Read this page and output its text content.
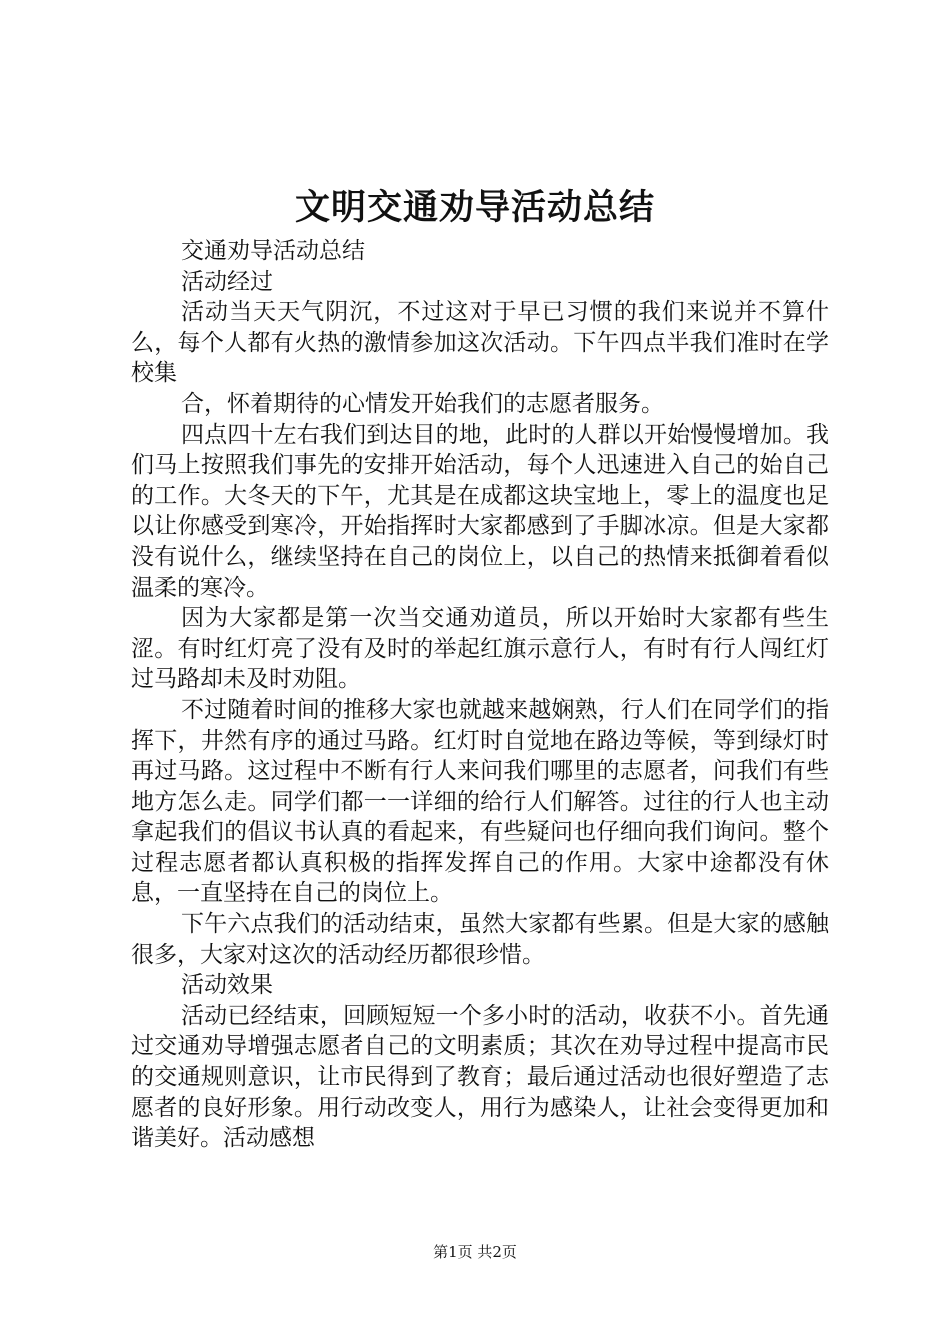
文明交通劝导活动总结

交通劝导活动总结

活动经过

活动当天天气阴沉，不过这对于早已习惯的我们来说并不算什么，每个人都有火热的激情参加这次活动。下午四点半我们准时在学校集

合，怀着期待的心情发开始我们的志愿者服务。

四点四十左右我们到达目的地，此时的人群以开始慢慢增加。我们马上按照我们事先的安排开始活动，每个人迅速进入自己的始自己的工作。大冬天的下午，尤其是在成都这块宝地上，零上的温度也足以让你感受到寒冷，开始指挥时大家都感到了手脚冰凉。但是大家都没有说什么，继续坚持在自己的岗位上，以自己的热情来抵御着看似温柔的寒冷。

因为大家都是第一次当交通劝道员，所以开始时大家都有些生涩。有时红灯亮了没有及时的举起红旗示意行人，有时有行人闯红灯过马路却未及时劝阻。

不过随着时间的推移大家也就越来越娴熟，行人们在同学们的指挥下，井然有序的通过马路。红灯时自觉地在路边等候，等到绿灯时再过马路。这过程中不断有行人来问我们哪里的志愿者，问我们有些地方怎么走。同学们都一一详细的给行人们解答。过往的行人也主动拿起我们的倡议书认真的看起来，有些疑问也仔细向我们询问。整个过程志愿者都认真积极的指挥发挥自己的作用。大家中途都没有休息，一直坚持在自己的岗位上。

下午六点我们的活动结束，虽然大家都有些累。但是大家的感触很多，大家对这次的活动经历都很珍惜。

活动效果

活动已经结束，回顾短短一个多小时的活动，收获不小。首先通过交通劝导增强志愿者自己的文明素质；其次在劝导过程中提高市民的交通规则意识，让市民得到了教育；最后通过活动也很好塑造了志愿者的良好形象。用行动改变人，用行为感染人，让社会变得更加和谐美好。活动感想

第1页 共2页
